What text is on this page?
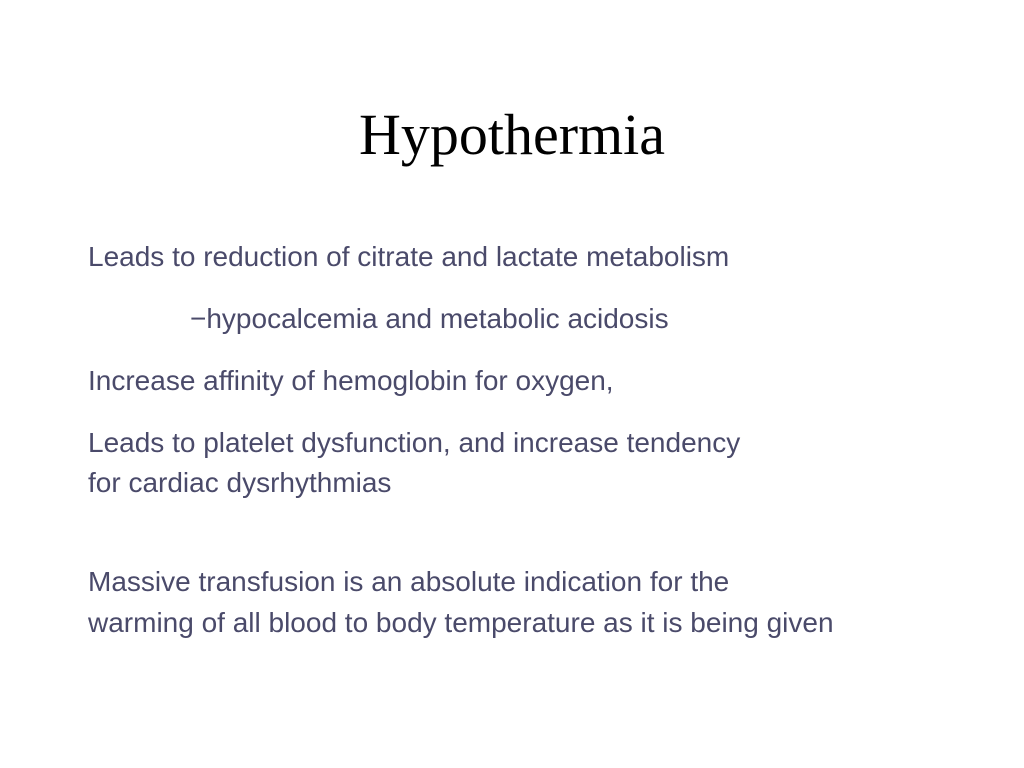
Hypothermia
Leads to reduction of citrate and lactate metabolism
−hypocalcemia and metabolic acidosis
Increase affinity of hemoglobin for oxygen,
Leads to platelet dysfunction, and increase tendency
for cardiac dysrhythmias
Massive transfusion is an absolute indication for the
warming of all blood to body temperature as it is being given
